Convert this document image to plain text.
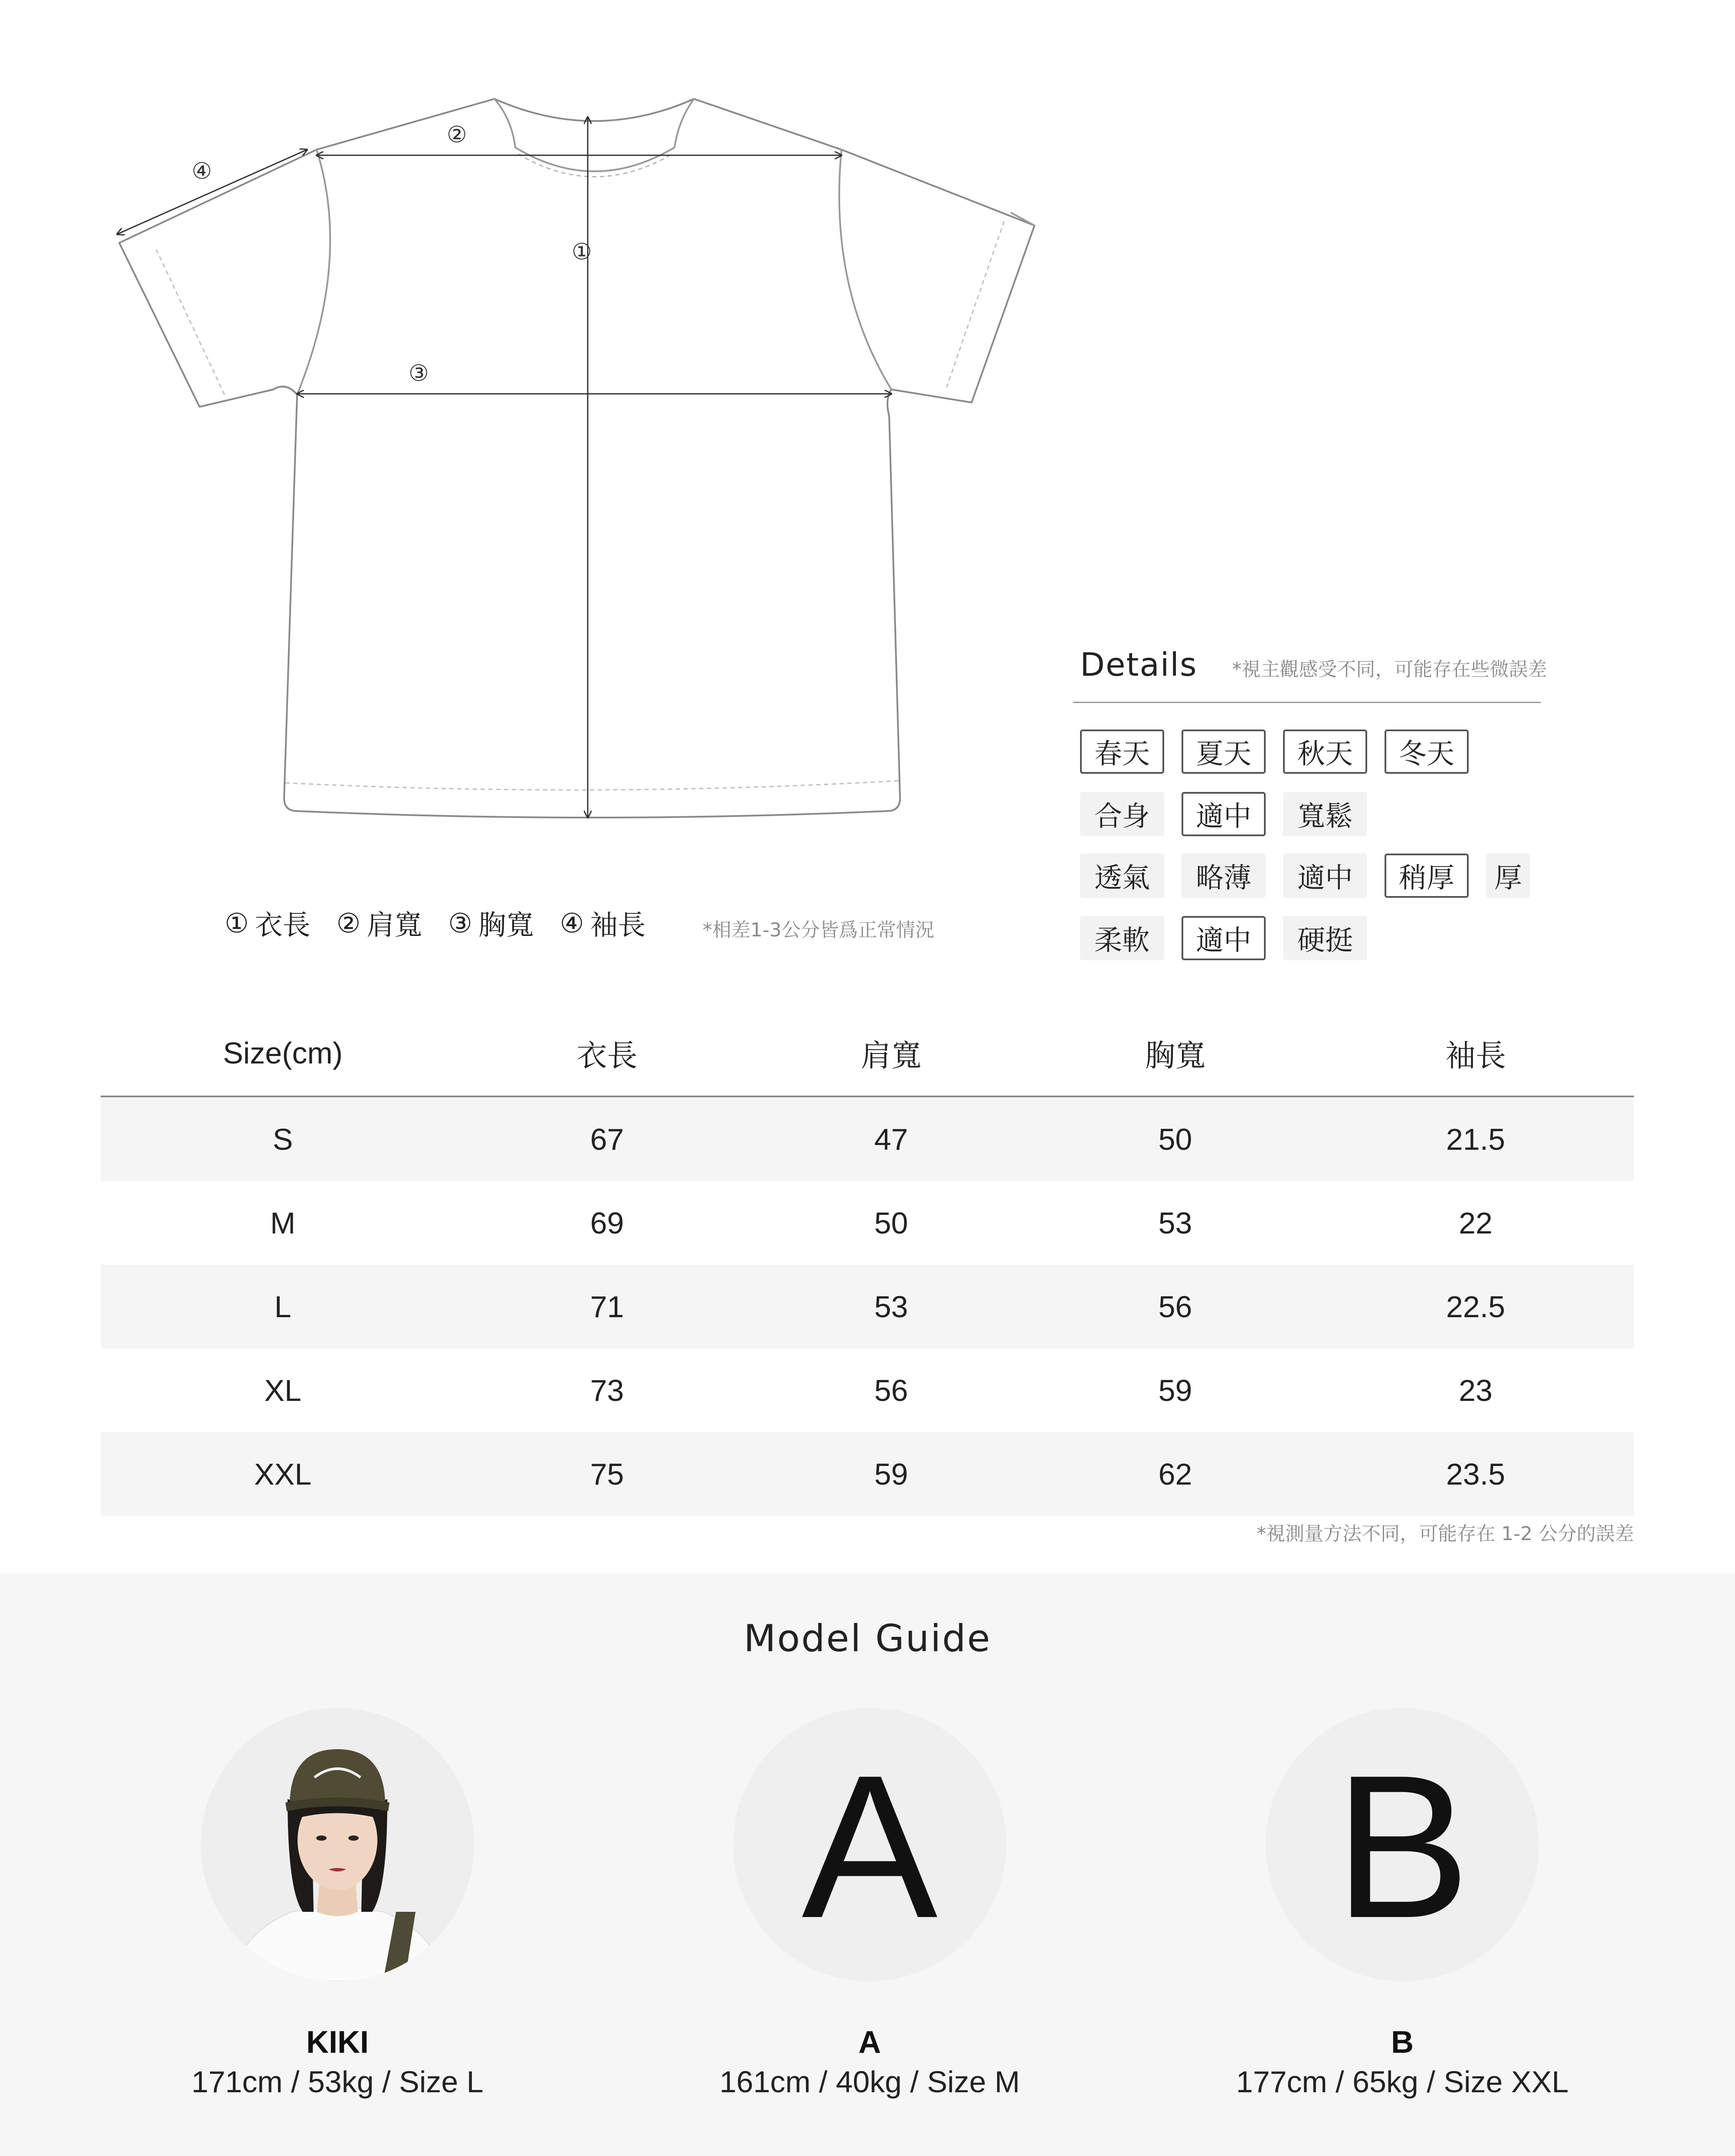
①
②
③
④
① 衣長 ② 肩寬 ③ 胸寬 ④ 袖長	*相差1-3公分皆爲正常情況
Details *視主觀感受不同，可能存在些微誤差
春天	夏天	秋天	冬天
合身	適中	寬鬆
透氣	略薄	適中	稍厚	厚
柔軟	適中	硬挺
Size(cm)	衣長	肩寬	胸寬	袖長
S	67	47	50	21.5
M	69	50	53	22
L	71	53	56	22.5
XL	73	56	59	23
XXL	75	59	62	23.5
*視測量方法不同，可能存在 1-2 公分的誤差
Model Guide
KIKI
171cm / 53kg / Size L
A
A
161cm / 40kg / Size M
B
B
177cm / 65kg / Size XXL
